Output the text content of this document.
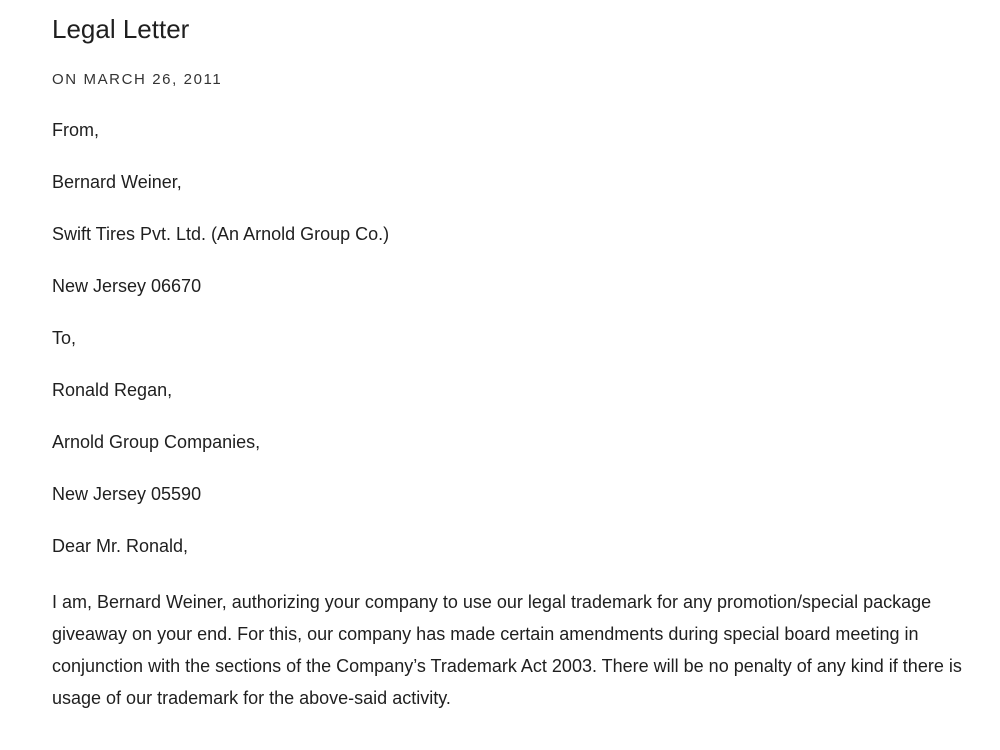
Legal Letter
ON MARCH 26, 2011
From,
Bernard Weiner,
Swift Tires Pvt. Ltd. (An Arnold Group Co.)
New Jersey 06670
To,
Ronald Regan,
Arnold Group Companies,
New Jersey 05590
Dear Mr. Ronald,

I am, Bernard Weiner, authorizing your company to use our legal trademark for any promotion/special package giveaway on your end. For this, our company has made certain amendments during special board meeting in conjunction with the sections of the Company’s Trademark Act 2003. There will be no penalty of any kind if there is usage of our trademark for the above-said activity.
